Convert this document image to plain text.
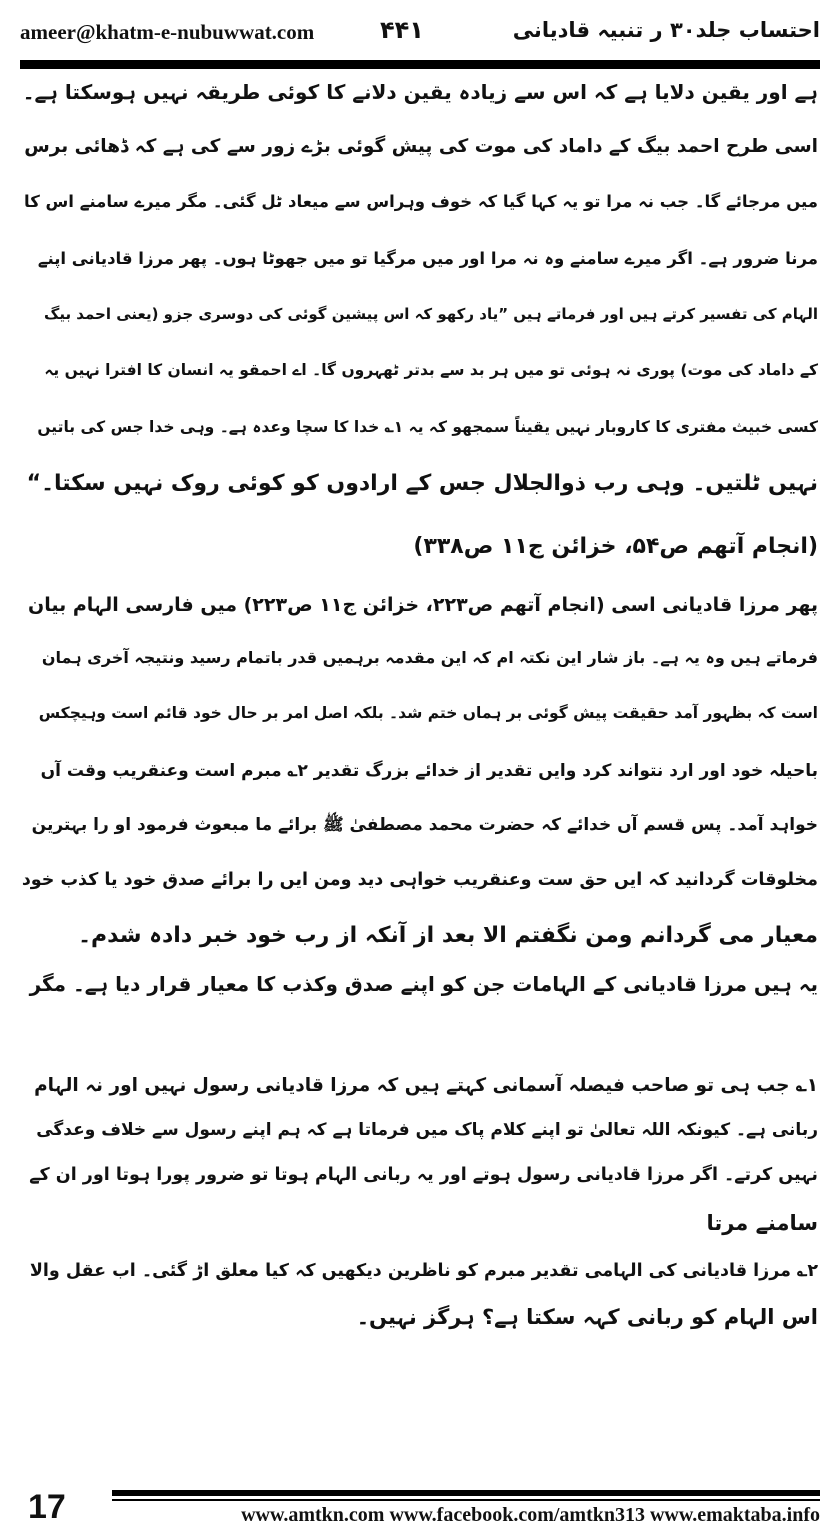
ameer@khatm-e-nubuwwat.com	۴۴۱	احتساب جلد۳۰ ر تنبیہ قادیانی
ہے اور یقین دلایا ہے کہ اس سے زیادہ یقین دلانے کا کوئی طریقہ نہیں ہوسکتا ہے۔
اسی طرح احمد بیگ کے داماد کی موت کی پیش گوئی بڑے زور سے کی ہے کہ ڈھائی برس
میں مرجائے گا۔ جب نہ مرا تو یہ کہا گیا کہ خوف وہراس سے میعاد ٹل گئی۔ مگر میرے سامنے اس کا
مرنا ضرور ہے۔ اگر میرے سامنے وہ نہ مرا اور میں مرگیا تو میں جھوٹا ہوں۔ پھر مرزا قادیانی اپنے
الہام کی تفسیر کرتے ہیں اور فرماتے ہیں ”یاد رکھو کہ اس پیشین گوئی کی دوسری جزو (یعنی احمد بیگ
کے داماد کی موت) پوری نہ ہوئی تو میں ہر بد سے بدتر ٹھہروں گا۔ اے احمقو یہ انسان کا افترا نہیں یہ
کسی خبیث مفتری کا کاروبار نہیں یقیناً سمجھو کہ یہ ۱؎ خدا کا سچا وعدہ ہے۔ وہی خدا جس کی باتیں
نہیں ٹلتیں۔ وہی رب ذوالجلال جس کے ارادوں کو کوئی روک نہیں سکتا۔“
(انجام آتھم ص۵۴، خزائن ج۱۱ ص۳۳۸)
پھر مرزا قادیانی اسی (انجام آتھم ص۲۲۳، خزائن ج۱۱ ص۲۲۳) میں فارسی الہام بیان
فرماتے ہیں وہ یہ ہے۔ باز شار این نکتہ ام کہ این مقدمہ برہمیں قدر باتمام رسید ونتیجہ آخری ہمان
است کہ بظہور آمد حقیقت پیش گوئی بر ہماں ختم شد۔ بلکہ اصل امر بر حال خود قائم است وہیچکس
باحیلہ خود اور ارد نتواند کرد وایں تقدیر از خدائے بزرگ تقدیر ۲؎ مبرم است وعنقریب وقت آں
خواہد آمد۔ پس قسم آں خدائے کہ حضرت محمد مصطفیٰ ﷺ برائے ما مبعوث فرمود او را بہترین
مخلوقات گردانید کہ ایں حق ست وعنقریب خواہی دید ومن ایں را برائے صدق خود یا کذب خود
معیار می گردانم ومن نگفتم الا بعد از آنکہ از رب خود خبر دادہ شدم۔
یہ ہیں مرزا قادیانی کے الہامات جن کو اپنے صدق وکذب کا معیار قرار دیا ہے۔ مگر
۱؎ جب ہی تو صاحب فیصلہ آسمانی کہتے ہیں کہ مرزا قادیانی رسول نہیں اور نہ الہام
ربانی ہے۔ کیونکہ اللہ تعالیٰ تو اپنے کلام پاک میں فرماتا ہے کہ ہم اپنے رسول سے خلاف وعدگی
نہیں کرتے۔ اگر مرزا قادیانی رسول ہوتے اور یہ ربانی الہام ہوتا تو ضرور پورا ہوتا اور ان کے
سامنے مرتا
۲؎ مرزا قادیانی کی الہامی تقدیر مبرم کو ناظرین دیکھیں کہ کیا معلق اڑ گئی۔ اب عقل والا
اس الہام کو ربانی کہہ سکتا ہے؟ ہرگز نہیں۔
17	www.amtkn.com www.facebook.com/amtkn313 www.emaktaba.info
